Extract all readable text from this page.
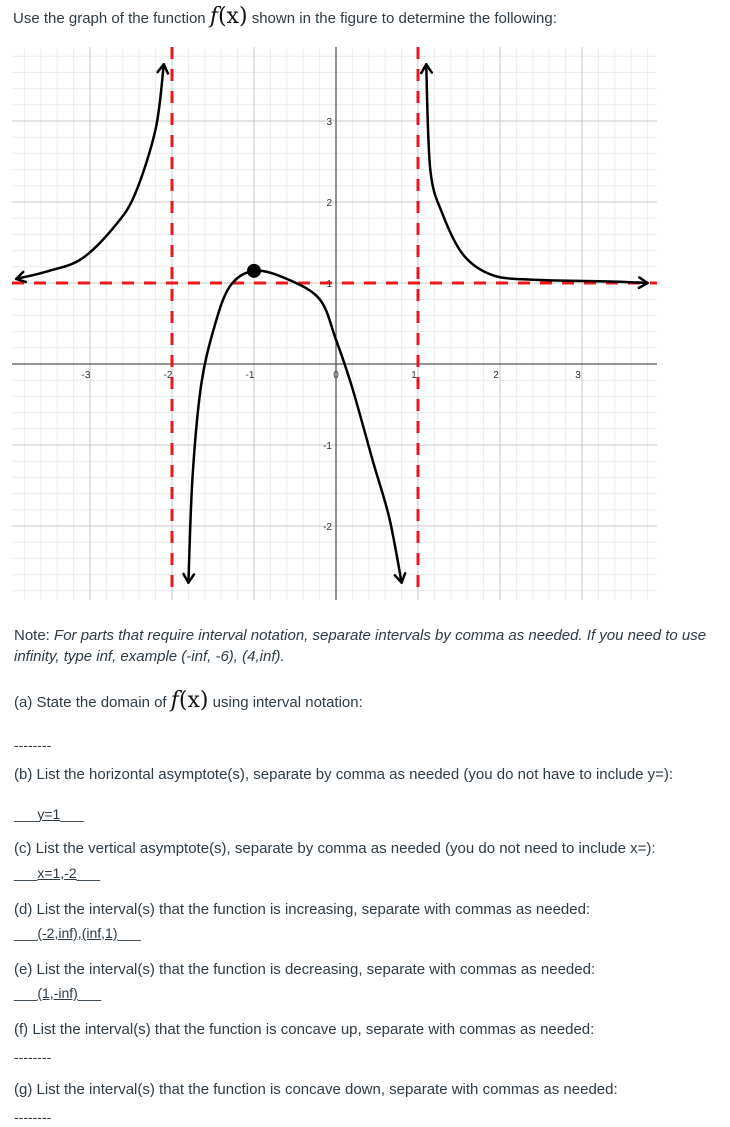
Use the graph of the function f(x) shown in the figure to determine the following:
-3	-2	-1	0	1	2	3
3
2
1
-1
-2
Note: For parts that require interval notation, separate intervals by comma as needed. If you need to use infinity, type inf, example (-inf, -6), (4,inf).
(a) State the domain of f(x) using interval notation:
--------
(b) List the horizontal asymptote(s), separate by comma as needed (you do not have to include y=):
___y=1___
(c) List the vertical asymptote(s), separate by comma as needed (you do not need to include x=):
___x=1,-2___
(d) List the interval(s) that the function is increasing, separate with commas as needed:
___(-2,inf),(inf,1)___
(e) List the interval(s) that the function is decreasing, separate with commas as needed:
___(1,-inf)___
(f) List the interval(s) that the function is concave up, separate with commas as needed:
--------
(g) List the interval(s) that the function is concave down, separate with commas as needed:
--------
